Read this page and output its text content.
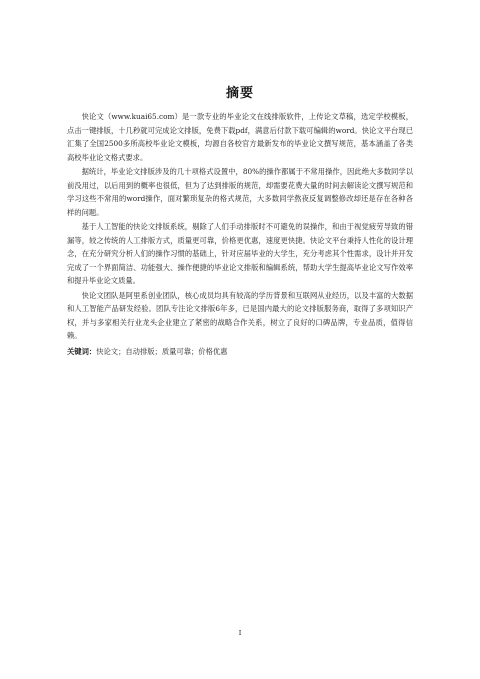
摘要

快论文（www.kuai65.com）是一款专业的毕业论文在线排版软件，上传论文草稿，选定学校模板，点击一键排版，十几秒就可完成论文排版，免费下载pdf，满意后付款下载可编辑的word。快论文平台现已汇集了全国2500多所高校毕业论文模板，均源自各校官方最新发布的毕业论文撰写规范，基本涵盖了各类高校毕业论文格式要求。

据统计，毕业论文排版涉及的几十项格式设置中，80%的操作都属于不常用操作，因此绝大多数同学以前没用过，以后用到的概率也很低，但为了达到排版的规范，却需要花费大量的时间去解读论文撰写规范和学习这些不常用的word操作，面对繁琐复杂的格式规范，大多数同学熬夜反复调整修改却还是存在各种各样的问题。

基于人工智能的快论文排版系统，剔除了人们手动排版时不可避免的误操作，和由于视觉疲劳导致的错漏等，较之传统的人工排版方式，质量更可靠，价格更优惠，速度更快捷。快论文平台秉持人性化的设计理念，在充分研究分析人们的操作习惯的基础上，针对应届毕业的大学生，充分考虑其个性需求，设计并开发完成了一个界面简洁、功能强大、操作便捷的毕业论文排版和编辑系统，帮助大学生提高毕业论文写作效率和提升毕业论文质量。

快论文团队是阿里系创业团队，核心成员均具有较高的学历背景和互联网从业经历，以及丰富的大数据和人工智能产品研发经验。团队专注论文排版6年多，已是国内最大的论文排版服务商，取得了多项知识产权，并与多家相关行业龙头企业建立了紧密的战略合作关系，树立了良好的口碑品牌，专业品质，值得信赖。

关键词：快论文；自动排版；质量可靠；价格优惠
I
